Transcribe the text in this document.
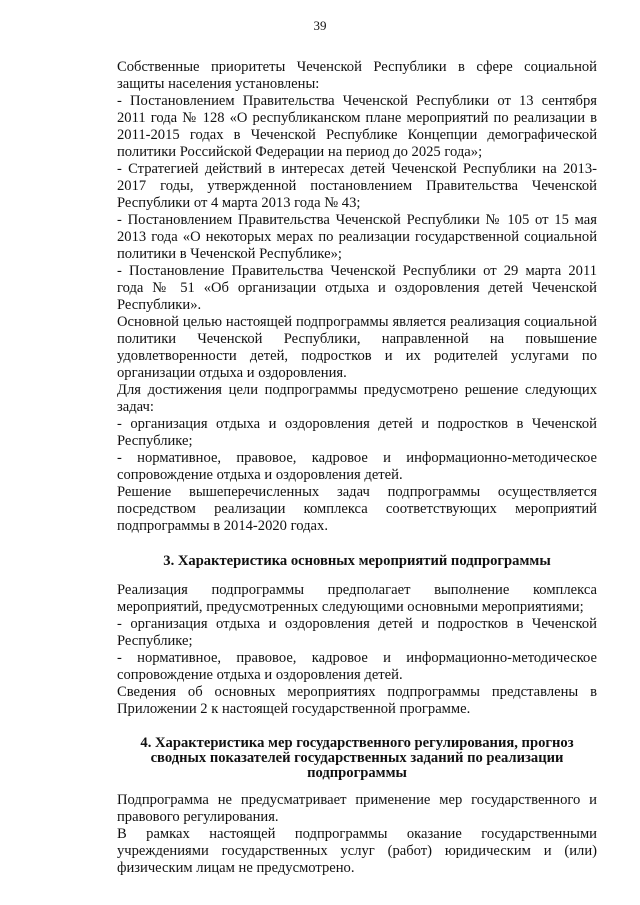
39

Собственные приоритеты Чеченской Республики в сфере социальной защиты населения установлены:

- Постановлением Правительства Чеченской Республики от 13 сентября 2011 года № 128 «О республиканском плане мероприятий по реализации в 2011-2015 годах в Чеченской Республике Концепции демографической политики Российской Федерации на период до 2025 года»;

- Стратегией действий в интересах детей Чеченской Республики на 2013-2017 годы, утвержденной постановлением Правительства Чеченской Республики от 4 марта 2013 года № 43;

- Постановлением Правительства Чеченской Республики № 105 от 15 мая 2013 года «О некоторых мерах по реализации государственной социальной политики в Чеченской Республике»;

- Постановление Правительства Чеченской Республики от 29 марта 2011 года № 51 «Об организации отдыха и оздоровления детей Чеченской Республики».

Основной целью настоящей подпрограммы является реализация социальной политики Чеченской Республики, направленной на повышение удовлетворенности детей, подростков и их родителей услугами по организации отдыха и оздоровления.

Для достижения цели подпрограммы предусмотрено решение следующих задач:

- организация отдыха и оздоровления детей и подростков в Чеченской Республике;

- нормативное, правовое, кадровое и информационно-методическое сопровождение отдыха и оздоровления детей.

Решение вышеперечисленных задач подпрограммы осуществляется посредством реализации комплекса соответствующих мероприятий подпрограммы в 2014-2020 годах.

3. Характеристика основных мероприятий подпрограммы

Реализация подпрограммы предполагает выполнение комплекса мероприятий, предусмотренных следующими основными мероприятиями;

- организация отдыха и оздоровления детей и подростков в Чеченской Республике;

- нормативное, правовое, кадровое и информационно-методическое сопровождение отдыха и оздоровления детей.

Сведения об основных мероприятиях подпрограммы представлены в Приложении 2 к настоящей государственной программе.

4. Характеристика мер государственного регулирования, прогноз
сводных показателей государственных заданий по реализации подпрограммы

Подпрограмма не предусматривает применение мер государственного и правового регулирования.

В рамках настоящей подпрограммы оказание государственными учреждениями государственных услуг (работ) юридическим и (или) физическим лицам не предусмотрено.
